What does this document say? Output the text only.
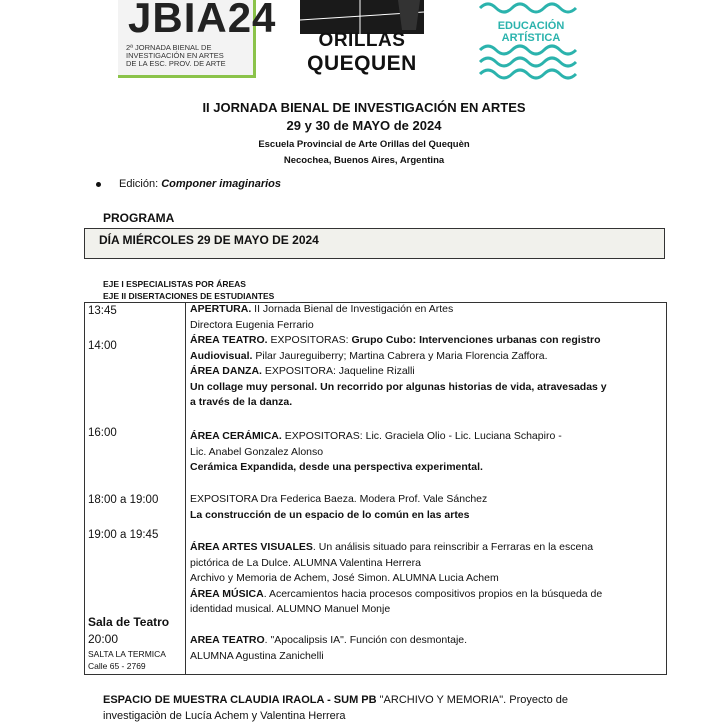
JBIA24
2ª JORNADA BIENAL DE
INVESTIGACIÓN EN ARTES
DE LA ESC. PROV. DE ARTE
ORILLAS
QUEQUEN
EDUCACIÓN
ARTÍSTICA
II JORNADA BIENAL DE INVESTIGACIÓN EN ARTES
29 y 30 de MAYO de 2024
Escuela Provincial de Arte Orillas del Quequèn
Necochea, Buenos Aires, Argentina
Edición: Componer imaginarios
PROGRAMA
DÍA MIÉRCOLES 29 DE MAYO DE 2024
EJE I ESPECIALISTAS POR ÁREAS
EJE II DISERTACIONES DE ESTUDIANTES
13:45
14:00
16:00
18:00 a 19:00
19:00 a 19:45
Sala de Teatro
20:00
SALTA LA TERMICA
Calle 65 - 2769
APERTURA. II Jornada Bienal de Investigación en Artes
Directora Eugenia Ferrario
ÁREA TEATRO. EXPOSITORAS: Grupo Cubo: Intervenciones urbanas con registro
Audiovisual. Pilar Jaureguiberry; Martina Cabrera y Maria Florencia Zaffora.
ÁREA DANZA. EXPOSITORA: Jaqueline Rizalli
Un collage muy personal. Un recorrido por algunas historias de vida, atravesadas y
a través de la danza.
ÁREA CERÁMICA. EXPOSITORAS: Lic. Graciela Olio - Lic. Luciana Schapiro -
Lic. Anabel Gonzalez Alonso
Cerámica Expandida, desde una perspectiva experimental.
EXPOSITORA Dra Federica Baeza. Modera Prof. Vale Sánchez
La construcción de un espacio de lo común en las artes
ÁREA ARTES VISUALES. Un análisis situado para reinscribir a Ferraras en la escena
pictórica de La Dulce. ALUMNA Valentina Herrera
Archivo y Memoria de Achem, José Simon. ALUMNA Lucia Achem
ÁREA MÚSICA. Acercamientos hacia procesos compositivos propios en la búsqueda de
identidad musical. ALUMNO Manuel Monje
AREA TEATRO. "Apocalipsis IA". Función con desmontaje.
ALUMNA Agustina Zanichelli
ESPACIO DE MUESTRA CLAUDIA IRAOLA - SUM PB "ARCHIVO Y MEMORIA". Proyecto de
investigaciòn de Lucía Achem y Valentina Herrera
